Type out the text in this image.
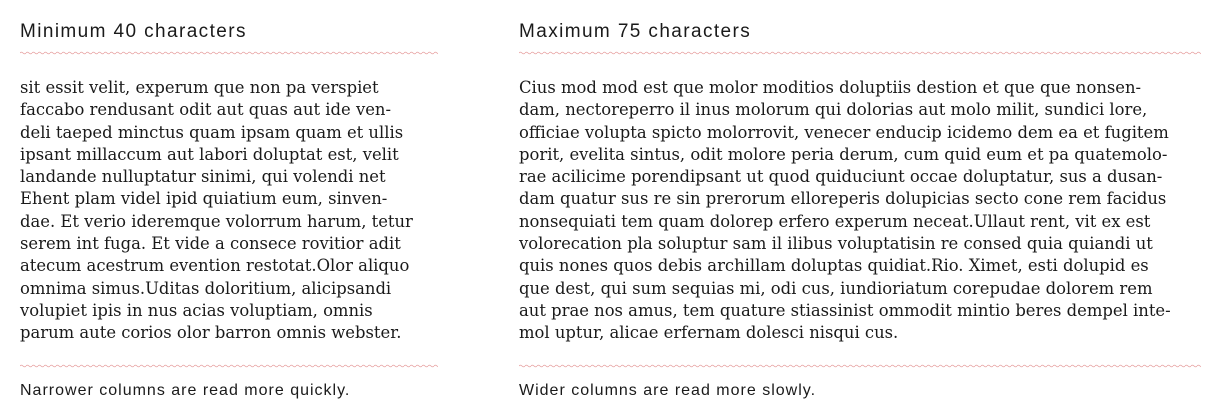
Minimum 40 characters

sit essit velit, experum que non pa verspiet
faccabo rendusant odit aut quas aut ide ven-
deli taeped minctus quam ipsam quam et ullis
ipsant millaccum aut labori doluptat est, velit
landande nulluptatur sinimi, qui volendi net
Ehent plam videl ipid quiatium eum, sinven-
dae. Et verio ideremque volorrum harum, tetur
serem int fuga. Et vide a consece rovitior adit
atecum acestrum evention restotat.Olor aliquo
omnima simus.Uditas doloritium, alicipsandi
volupiet ipis in nus acias voluptiam, omnis
parum aute corios olor barron omnis webster.

Narrower columns are read more quickly.

Maximum 75 characters

Cius mod mod est que molor moditios doluptiis destion et que que nonsen-
dam, nectoreperro il inus molorum qui dolorias aut molo milit, sundici lore,
officiae volupta spicto molorrovit, venecer enducip icidemo dem ea et fugitem
porit, evelita sintus, odit molore peria derum, cum quid eum et pa quatemolo-
rae acilicime porendipsant ut quod quiduciunt occae doluptatur, sus a dusan-
dam quatur sus re sin prerorum elloreperis dolupicias secto cone rem facidus
nonsequiati tem quam dolorep erfero experum neceat.Ullaut rent, vit ex est
volorecation pla soluptur sam il ilibus voluptatisin re consed quia quiandi ut
quis nones quos debis archillam doluptas quidiat.Rio. Ximet, esti dolupid es
que dest, qui sum sequias mi, odi cus, iundioriatum corepudae dolorem rem
aut prae nos amus, tem quature stiassinist ommodit mintio beres dempel inte-
mol uptur, alicae erfernam dolesci nisqui cus.

Wider columns are read more slowly.
